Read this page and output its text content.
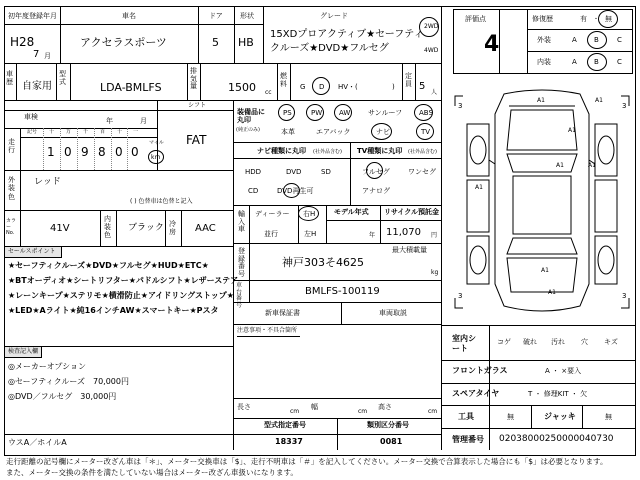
初年度登録年月
H28
7 月
車名
アクセラスポーツ
ドア
5
形状
HB
グレード
15XDプロアクティブ★セーフティ
クルーズ★DVD★フルセグ
2WD
4WD
車歴 自家用
型式	LDA-BMLFS
排気量	1500 cc
燃料 G D HV・(	)
定員 5
人
シフト
車検	年	月
FAT
走行
記号 十 万 千 百 十 一
1 0 9 8 0 0
マイル
km
外装色
レッド
( ) 色替車は色替と記入
カラーNo.	41V
内装色
ブラック 冷房 AAC
セールスポイント
★セーフティクルーズ★DVD★フルセグ★HUD★ETC★
★BTオーディオ★シートリフター★パドルシフト★レザーステア
★レーンキープ★ステリモ★横滑防止★アイドリングストップ★
★LED★Aライト★純16インチAW★スマートキー★Pスタ
検査記入欄
◎メーカーオプション
◎セーフティクルーズ　70,000円
◎DVD／フルセグ　30,000円
ウスA／ホイルA
装備品に丸印
(純正のみ)
PS	PW AW	サンルーフ ABS
本革	エアバック	ナビ	TV
ナビ種類に丸印 (社外品含む)
HDD	DVD	SD
CD	DVD再生可
TV種類に丸印 (社外品含む)
フルセグ	ワンセグ
アナログ
輸入車
ディーラー
並行
右H
左H
モデル年式
年
リサイクル預託金
11,070 円
登録番号
最大積載量
神戸303そ4625
kg
車台番号
BMLFS-100119
新車保証書	車両取説
注意事項・不具合箇所
長さ
cm
幅
cm
高さ
cm
型式指定番号	類別区分番号
18337	0081
評価点
4
修復歴	有 ・ 無
外装	A B	C
内装	A B	C
A1	A1
A1
A1	A1
A1
A1
A1
3	3
3	3
室内シート
コゲ 破れ 汚れ 穴 キズ
フロントガラス	A ・ ×要入
スペアタイヤ	T ・ 修理KIT ・ 欠
工具	無	ジャッキ	無
管理番号 02038000250000040730
走行距離の記号欄にメーター改ざん車は「＊」、メーター交換車は「$」、走行不明車は「＃」を記入してください。メーター交換で合算表示した場合にも「$」は必要となります。
また、メーター交換の条件を満たしていない場合はメーター改ざん車扱いになります。
